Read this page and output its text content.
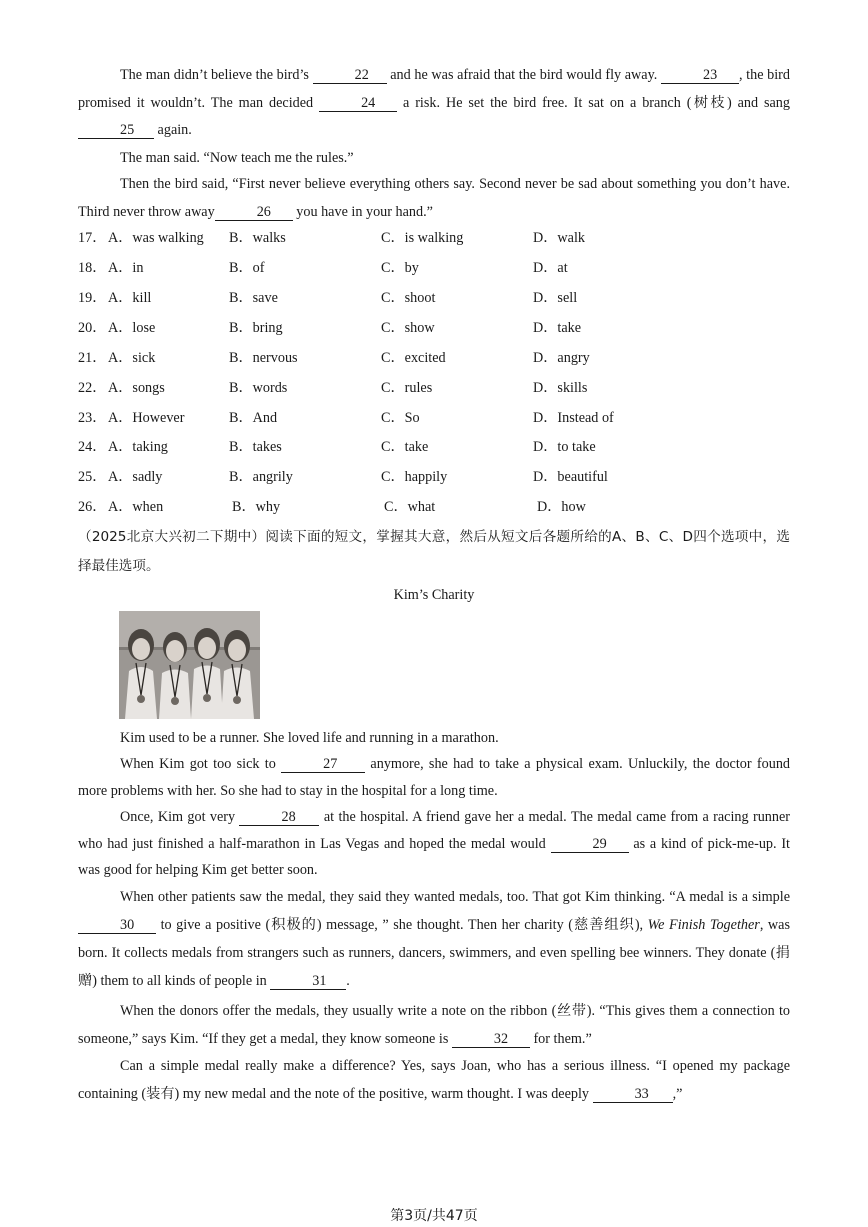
The man didn’t believe the bird’s	22 and he was afraid that the bird would fly away.	23 , the bird promised it wouldn’t. The man decided	24 a risk. He set the bird free. It sat on a branch (树枝) and sang 25 again.

The man said. “Now teach me the rules.”

Then the bird said, “First never believe everything others say. Second never be sad about something you don’t have. Third never throw away	26 you have in your hand.”

17． A．was walking B．walks	C．is walking	D．walk
18． A．in	B．of	C．by	D．at
19． A．kill	B．save	C．shoot	D．sell
20． A．lose	B．bring	C．show	D．take
21． A．sick	B．nervous	C．excited	D．angry
22． A．songs	B．words	C．rules	D．skills
23． A．However	B．And	C．So	D．Instead of
24． A．taking	B．takes	C．take	D．to take
25． A．sadly	B．angrily	C．happily	D．beautiful
26． A．when	B．why	C．what	D．how

（2025北京大兴初二下期中）阅读下面的短文，掌握其大意，然后从短文后各题所给的A、B、C、D四个选项中，选择最佳选项。

Kim’s Charity

Kim used to be a runner. She loved life and running in a marathon.

When Kim got too sick to	27 anymore, she had to take a physical exam. Unluckily, the doctor found more problems with her. So she had to stay in the hospital for a long time.

Once, Kim got very	28 at the hospital. A friend gave her a medal. The medal came from a racing runner who had just finished a half-marathon in Las Vegas and hoped the medal would	29 as a kind of pick-me-up. It was good for helping Kim get better soon.

When other patients saw the medal, they said they wanted medals, too. That got Kim thinking. “A medal is a simple 30 to give a positive (积极的) message, ” she thought. Then her charity (慈善组织), We Finish Together, was born. It collects medals from strangers such as runners, dancers, swimmers, and even spelling bee winners. They donate (捐赠) them to all kinds of people in	31 .

When the donors offer the medals, they usually write a note on the ribbon (丝带). “This gives them a connection to someone,” says Kim. “If they get a medal, they know someone is	32 for them.”

Can a simple medal really make a difference? Yes, says Joan, who has a serious illness. “I opened my package containing (装有) my new medal and the note of the positive, warm thought. I was deeply	33 ,”

第3页/共47页
